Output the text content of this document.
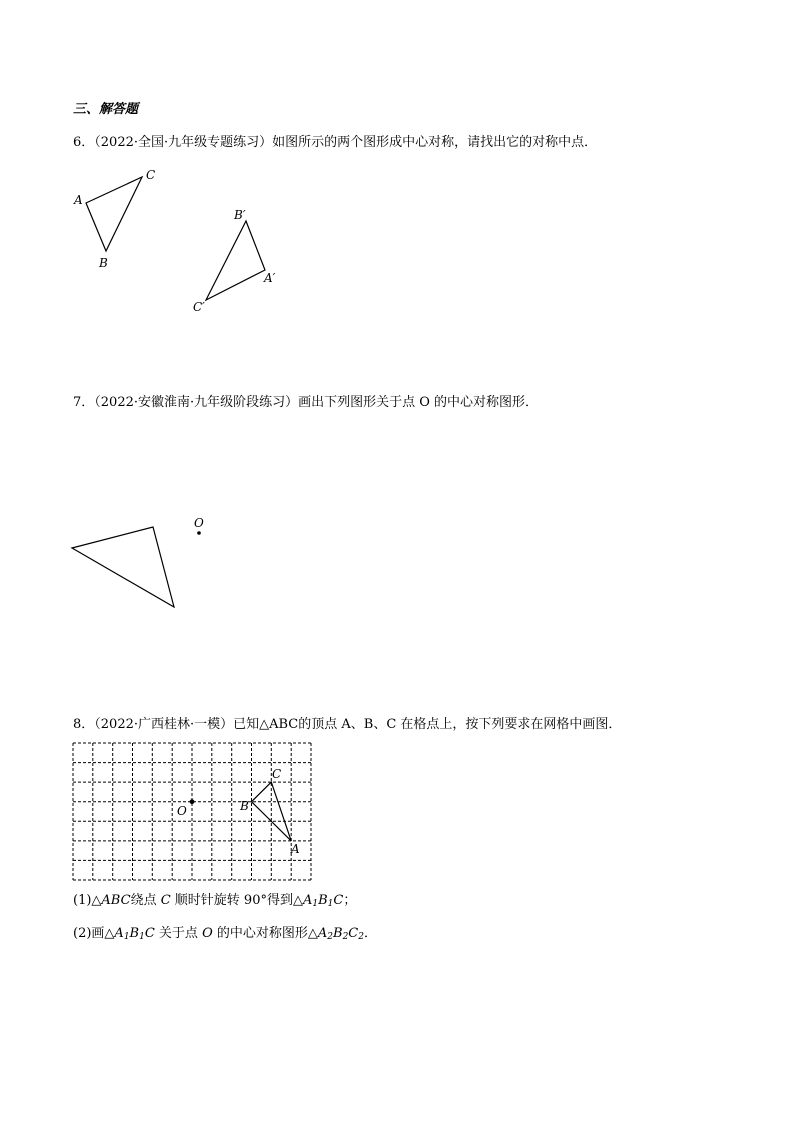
三、解答题
6．（2022·全国·九年级专题练习）如图所示的两个图形成中心对称，请找出它的对称中点．
A
C
B
B′
A′
C′
7．（2022·安徽淮南·九年级阶段练习）画出下列图形关于点 O 的中心对称图形．
O
8．（2022·广西桂林·一模）已知△ABC的顶点 A、B、C 在格点上，按下列要求在网格中画图．
O	B
C
A
(1)△ABC绕点 C 顺时针旋转 90°得到$\triangle A_1B_1C$；
(2)画$\triangle A_1B_1C$ 关于点 O 的中心对称图形$\triangle A_2B_2C_2$．
